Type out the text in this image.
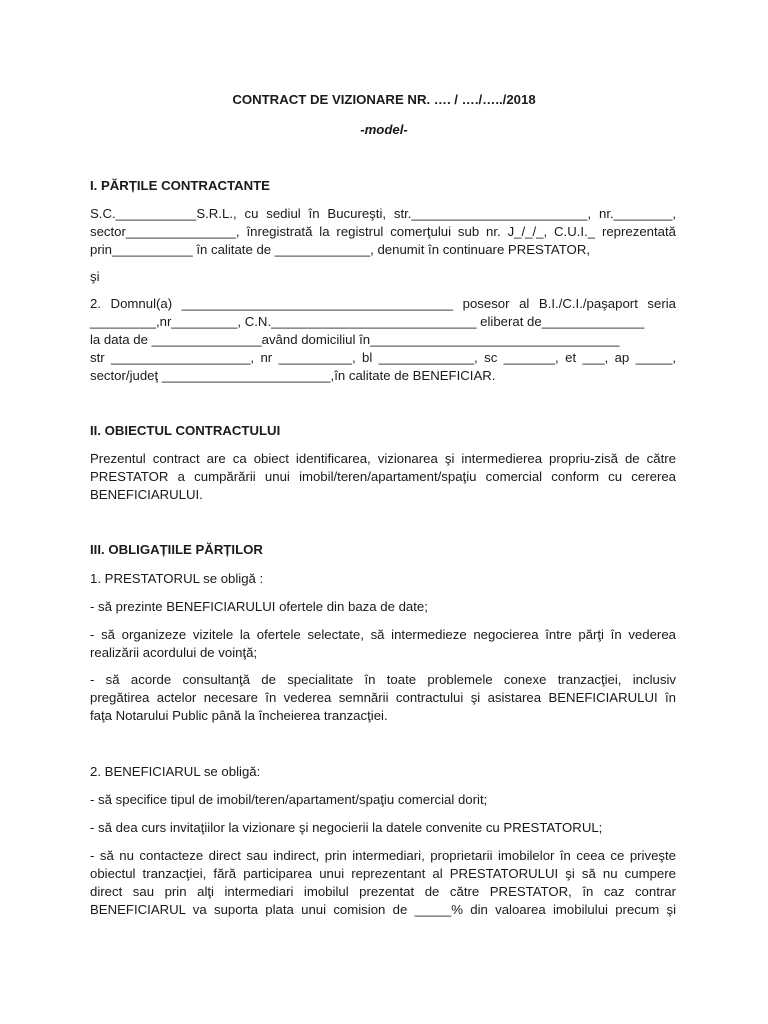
CONTRACT DE VIZIONARE NR. …. / …./…../2018
-model-
I. PĂRȚILE CONTRACTANTE
S.C.___________S.R.L., cu sediul în Bucureşti, str.________________________, nr.________,
sector_______________, înregistrată la registrul comerţului sub nr. J_/_/_, C.U.I._ reprezentată
prin___________ în calitate de _____________, denumit în continuare PRESTATOR,
şi
2. Domnul(a) _____________________________________ posesor al B.I./C.I./paşaport seria
_________,nr_________, C.N.____________________________ eliberat de______________
la data de _______________având domiciliul în__________________________________
str ___________________, nr __________, bl _____________, sc _______, et ___, ap _____,
sector/judeţ _______________________,în calitate de BENEFICIAR.
II. OBIECTUL CONTRACTULUI
Prezentul contract are ca obiect identificarea, vizionarea şi intermedierea propriu-zisă de către
PRESTATOR a cumpărării unui imobil/teren/apartament/spaţiu comercial conform cu cererea
BENEFICIARULUI.
III. OBLIGAȚIILE PĂRȚILOR
1. PRESTATORUL se obligă :
- să prezinte BENEFICIARULUI ofertele din baza de date;
- să organizeze vizitele la ofertele selectate, să intermedieze negocierea între părţi în vederea
realizării acordului de voinţă;
- să acorde consultanţă de specialitate în toate problemele conexe tranzacţiei, inclusiv
pregătirea actelor necesare în vederea semnării contractului şi asistarea BENEFICIARULUI în
faţa Notarului Public până la încheierea tranzacţiei.
2. BENEFICIARUL se obligă:
- să specifice tipul de imobil/teren/apartament/spaţiu comercial dorit;
- să dea curs invitaţiilor la vizionare şi negocierii la datele convenite cu PRESTATORUL;
- să nu contacteze direct sau indirect, prin intermediari, proprietarii imobilelor în ceea ce priveşte
obiectul tranzacţiei, fără participarea unui reprezentant al PRESTATORULUI şi să nu cumpere
direct sau prin alţi intermediari imobilul prezentat de către PRESTATOR, în caz contrar
BENEFICIARUL va suporta plata unui comision de _____% din valoarea imobilului precum şi
